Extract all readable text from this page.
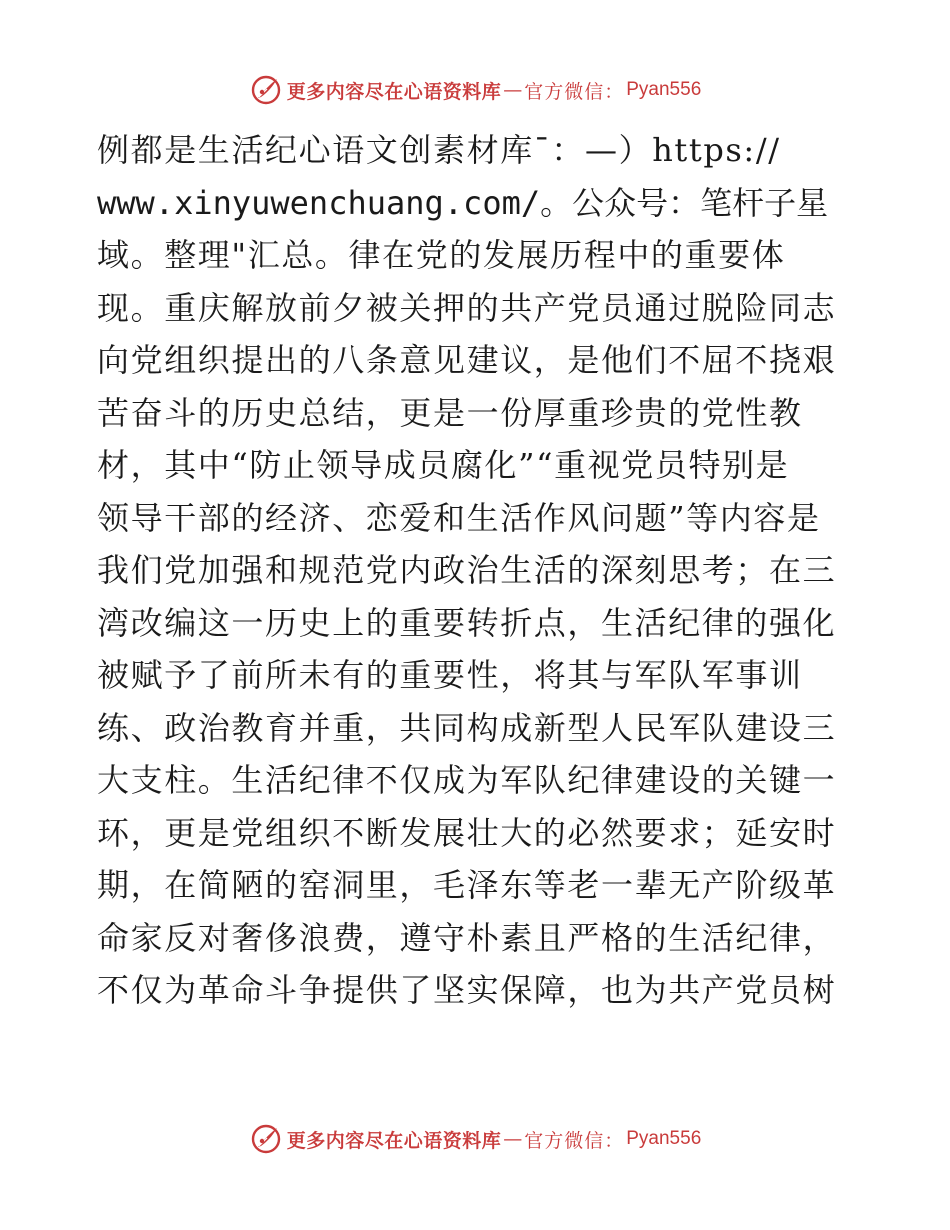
更多内容尽在心语资料库 — 官方微信： Pyan556
例都是生活纪心语文创素材库¯：—）https://
www.xinyuwenchuang.com/。公众号：笔杆子星
域。整理"汇总。律在党的发展历程中的重要体
现。重庆解放前夕被关押的共产党员通过脱险同志
向党组织提出的八条意见建议，是他们不屈不挠艰
苦奋斗的历史总结，更是一份厚重珍贵的党性教
材，其中“防止领导成员腐化”“重视党员特别是
领导干部的经济、恋爱和生活作风问题”等内容是
我们党加强和规范党内政治生活的深刻思考；在三
湾改编这一历史上的重要转折点，生活纪律的强化
被赋予了前所未有的重要性，将其与军队军事训
练、政治教育并重，共同构成新型人民军队建设三
大支柱。生活纪律不仅成为军队纪律建设的关键一
环，更是党组织不断发展壮大的必然要求；延安时
期，在简陋的窑洞里，毛泽东等老一辈无产阶级革
命家反对奢侈浪费，遵守朴素且严格的生活纪律，
不仅为革命斗争提供了坚实保障，也为共产党员树
更多内容尽在心语资料库 — 官方微信： Pyan556
